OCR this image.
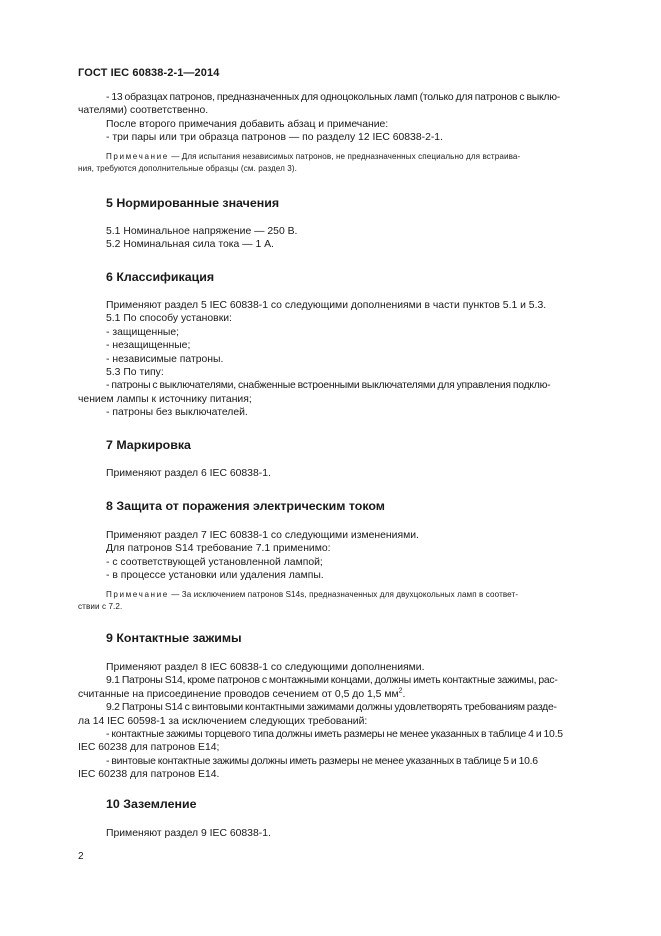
ГОСТ IEC 60838-2-1—2014

- 13 образцах патронов, предназначенных для одноцокольных ламп (только для патронов с выклю-

чателями) соответственно.

После второго примечания добавить абзац и примечание:

- три пары или три образца патронов — по разделу 12 IEC 60838-2-1.

Примечание — Для испытания независимых патронов, не предназначенных специально для встраива-

ния, требуются дополнительные образцы (см. раздел 3).

5 Нормированные значения

5.1 Номинальное напряжение — 250 В.

5.2 Номинальная сила тока — 1 А.

6 Классификация

Применяют раздел 5 IEC 60838-1 со следующими дополнениями в части пунктов 5.1 и 5.3.

5.1 По способу установки:

- защищенные;

- незащищенные;

- независимые патроны.

5.3 По типу:

- патроны с выключателями, снабженные встроенными выключателями для управления подклю-

чением лампы к источнику питания;

- патроны без выключателей.

7 Маркировка

Применяют раздел 6 IEC 60838-1.

8 Защита от поражения электрическим током

Применяют раздел 7 IEC 60838-1 со следующими изменениями.

Для патронов S14 требование 7.1 применимо:

- с соответствующей установленной лампой;

- в процессе установки или удаления лампы.

Примечание — За исключением патронов S14s, предназначенных для двухцокольных ламп в соответ-

ствии с 7.2.

9 Контактные зажимы

Применяют раздел 8 IEC 60838-1 со следующими дополнениями.

9.1 Патроны S14, кроме патронов с монтажными концами, должны иметь контактные зажимы, рас-

считанные на присоединение проводов сечением от 0,5 до 1,5 $мм^2$.

9.2 Патроны S14 с винтовыми контактными зажимами должны удовлетворять требованиям разде-

ла 14 IEC 60598-1 за исключением следующих требований:

- контактные зажимы торцевого типа должны иметь размеры не менее указанных в таблице 4 и 10.5

IEC 60238 для патронов E14;

- винтовые контактные зажимы должны иметь размеры не менее указанных в таблице 5 и 10.6

IEC 60238 для патронов E14.

10 Заземление

Применяют раздел 9 IEC 60838-1.

2
